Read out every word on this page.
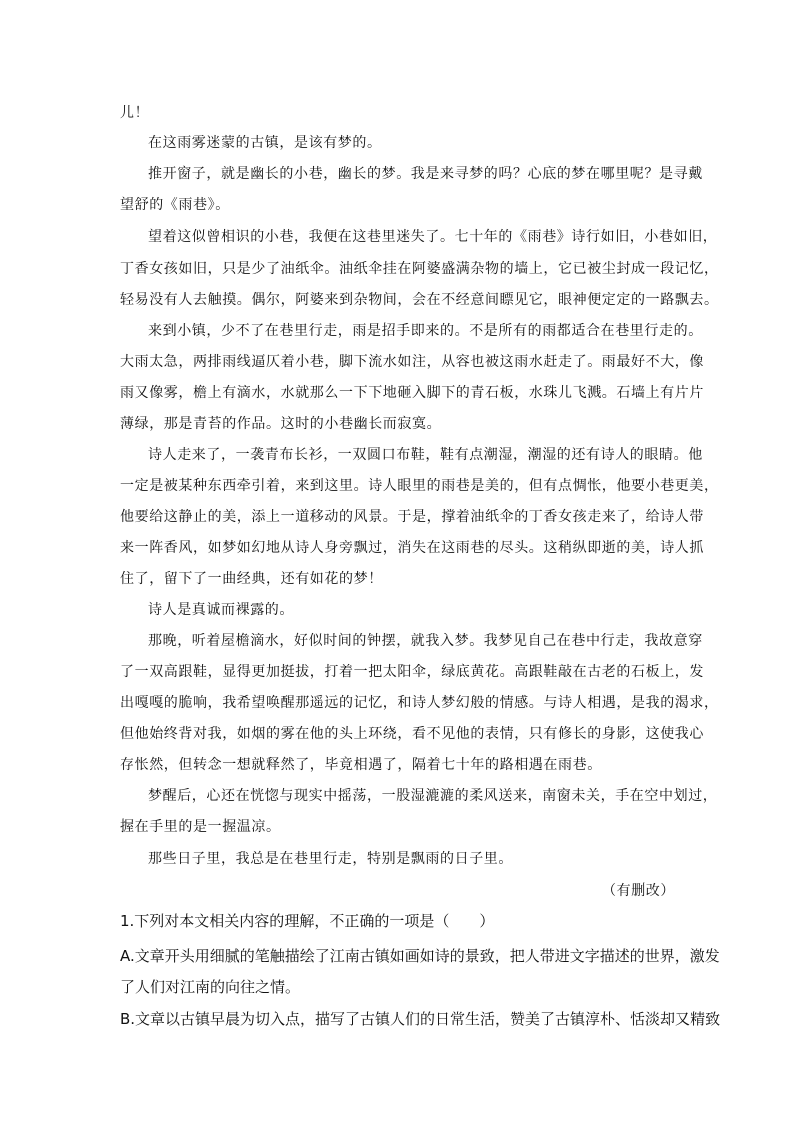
儿！
在这雨雾迷蒙的古镇，是该有梦的。
推开窗子，就是幽长的小巷，幽长的梦。我是来寻梦的吗？心底的梦在哪里呢？是寻戴
望舒的《雨巷》。
望着这似曾相识的小巷，我便在这巷里迷失了。七十年的《雨巷》诗行如旧，小巷如旧，
丁香女孩如旧，只是少了油纸伞。油纸伞挂在阿婆盛满杂物的墙上，它已被尘封成一段记忆，
轻易没有人去触摸。偶尔，阿婆来到杂物间，会在不经意间瞟见它，眼神便定定的一路飘去。
来到小镇，少不了在巷里行走，雨是招手即来的。不是所有的雨都适合在巷里行走的。
大雨太急，两排雨线逼仄着小巷，脚下流水如注，从容也被这雨水赶走了。雨最好不大，像
雨又像雾，檐上有滴水，水就那么一下下地砸入脚下的青石板，水珠儿飞溅。石墙上有片片
薄绿，那是青苔的作品。这时的小巷幽长而寂寞。
诗人走来了，一袭青布长衫，一双圆口布鞋，鞋有点潮湿，潮湿的还有诗人的眼睛。他
一定是被某种东西牵引着，来到这里。诗人眼里的雨巷是美的，但有点惆怅，他要小巷更美，
他要给这静止的美，添上一道移动的风景。于是，撑着油纸伞的丁香女孩走来了，给诗人带
来一阵香风，如梦如幻地从诗人身旁飘过，消失在这雨巷的尽头。这稍纵即逝的美，诗人抓
住了，留下了一曲经典，还有如花的梦！
诗人是真诚而裸露的。
那晚，听着屋檐滴水，好似时间的钟摆，就我入梦。我梦见自己在巷中行走，我故意穿
了一双高跟鞋，显得更加挺拔，打着一把太阳伞，绿底黄花。高跟鞋敲在古老的石板上，发
出嘎嘎的脆响，我希望唤醒那遥远的记忆，和诗人梦幻般的情感。与诗人相遇，是我的渴求，
但他始终背对我，如烟的雾在他的头上环绕，看不见他的表情，只有修长的身影，这使我心
存怅然，但转念一想就释然了，毕竟相遇了，隔着七十年的路相遇在雨巷。
梦醒后，心还在恍惚与现实中摇荡，一股湿漉漉的柔风送来，南窗未关，手在空中划过，
握在手里的是一握温凉。
那些日子里，我总是在巷里行走，特别是飘雨的日子里。
（有删改）
1.下列对本文相关内容的理解，不正确的一项是（　　）
A.文章开头用细腻的笔触描绘了江南古镇如画如诗的景致，把人带进文字描述的世界，激发
了人们对江南的向往之情。
B.文章以古镇早晨为切入点，描写了古镇人们的日常生活，赞美了古镇淳朴、恬淡却又精致
